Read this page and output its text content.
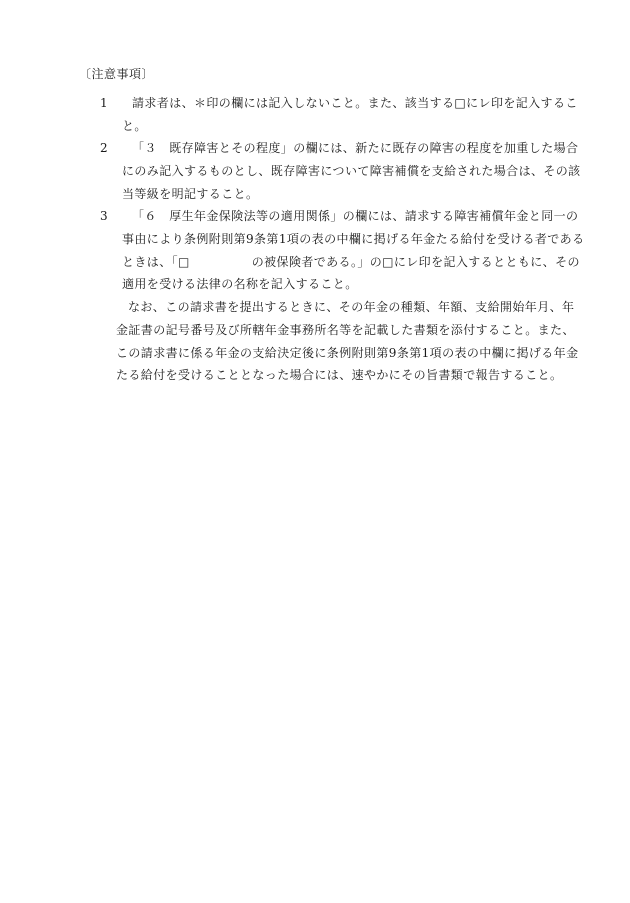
〔注意事項〕
1	請求者は、＊印の欄には記入しないこと。また、該当する□にレ印を記入するこ
と。
2	「３　既存障害とその程度」の欄には、新たに既存の障害の程度を加重した場合
にのみ記入するものとし、既存障害について障害補償を支給された場合は、その該
当等級を明記すること。
3	「６　厚生年金保険法等の適用関係」の欄には、請求する障害補償年金と同一の
事由により条例附則第9条第1項の表の中欄に掲げる年金たる給付を受ける者である
ときは、「□　　　　　の被保険者である。」の□にレ印を記入するとともに、その
適用を受ける法律の名称を記入すること。
なお、この請求書を提出するときに、その年金の種類、年額、支給開始年月、年
金証書の記号番号及び所轄年金事務所名等を記載した書類を添付すること。また、
この請求書に係る年金の支給決定後に条例附則第9条第1項の表の中欄に掲げる年金
たる給付を受けることとなった場合には、速やかにその旨書類で報告すること。
